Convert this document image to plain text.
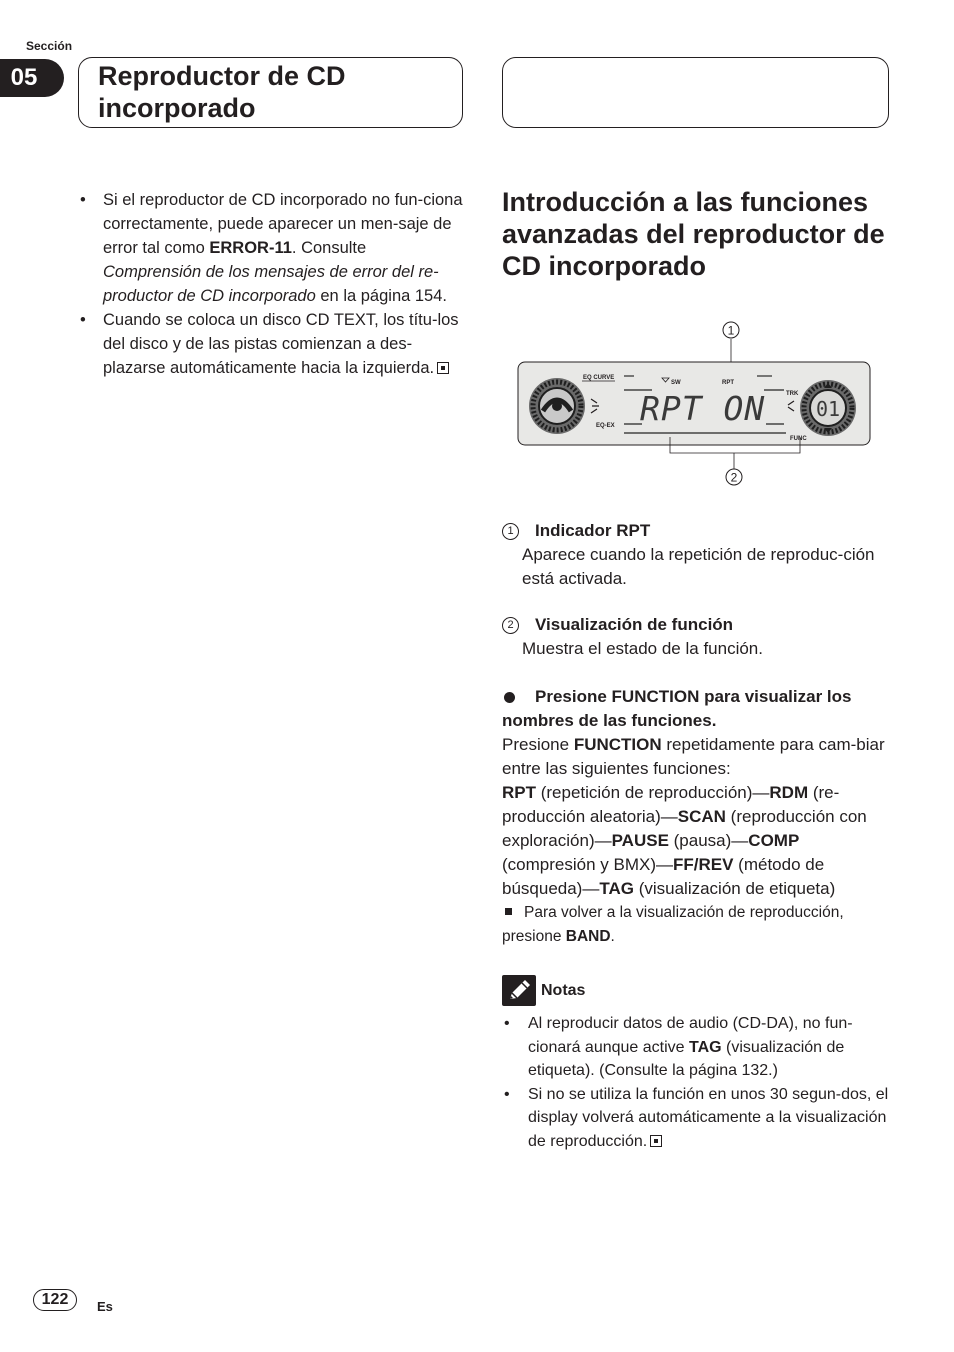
Sección
05	Reproductor de CD incorporado
• Si el reproductor de CD incorporado no fun-ciona correctamente, puede aparecer un men-saje de error tal como ERROR-11. Consulte Comprensión de los mensajes de error del re-productor de CD incorporado en la página 154.
• Cuando se coloca un disco CD TEXT, los títu-los del disco y de las pistas comienzan a des-plazarse automáticamente hacia la izquierda.
Introducción a las funciones avanzadas del reproductor de CD incorporado
1
EQ CURVE
EQ-EX
SW	RPT
RPT ON	TRK
FUNC
01
2
1	Indicador RPT
Aparece cuando la repetición de reproduc-ción está activada.
2	Visualización de función
Muestra el estado de la función.
Presione FUNCTION para visualizar los nombres de las funciones.
Presione FUNCTION repetidamente para cam-biar entre las siguientes funciones:
RPT (repetición de reproducción)—RDM (re-producción aleatoria)—SCAN (reproducción con exploración)—PAUSE (pausa)—COMP (compresión y BMX)—FF/REV (método de búsqueda)—TAG (visualización de etiqueta)
Para volver a la visualización de reproducción, presione BAND.
Notas
• Al reproducir datos de audio (CD-DA), no fun-cionará aunque active TAG (visualización de etiqueta). (Consulte la página 132.)
• Si no se utiliza la función en unos 30 segun-dos, el display volverá automáticamente a la visualización de reproducción.
122	Es
